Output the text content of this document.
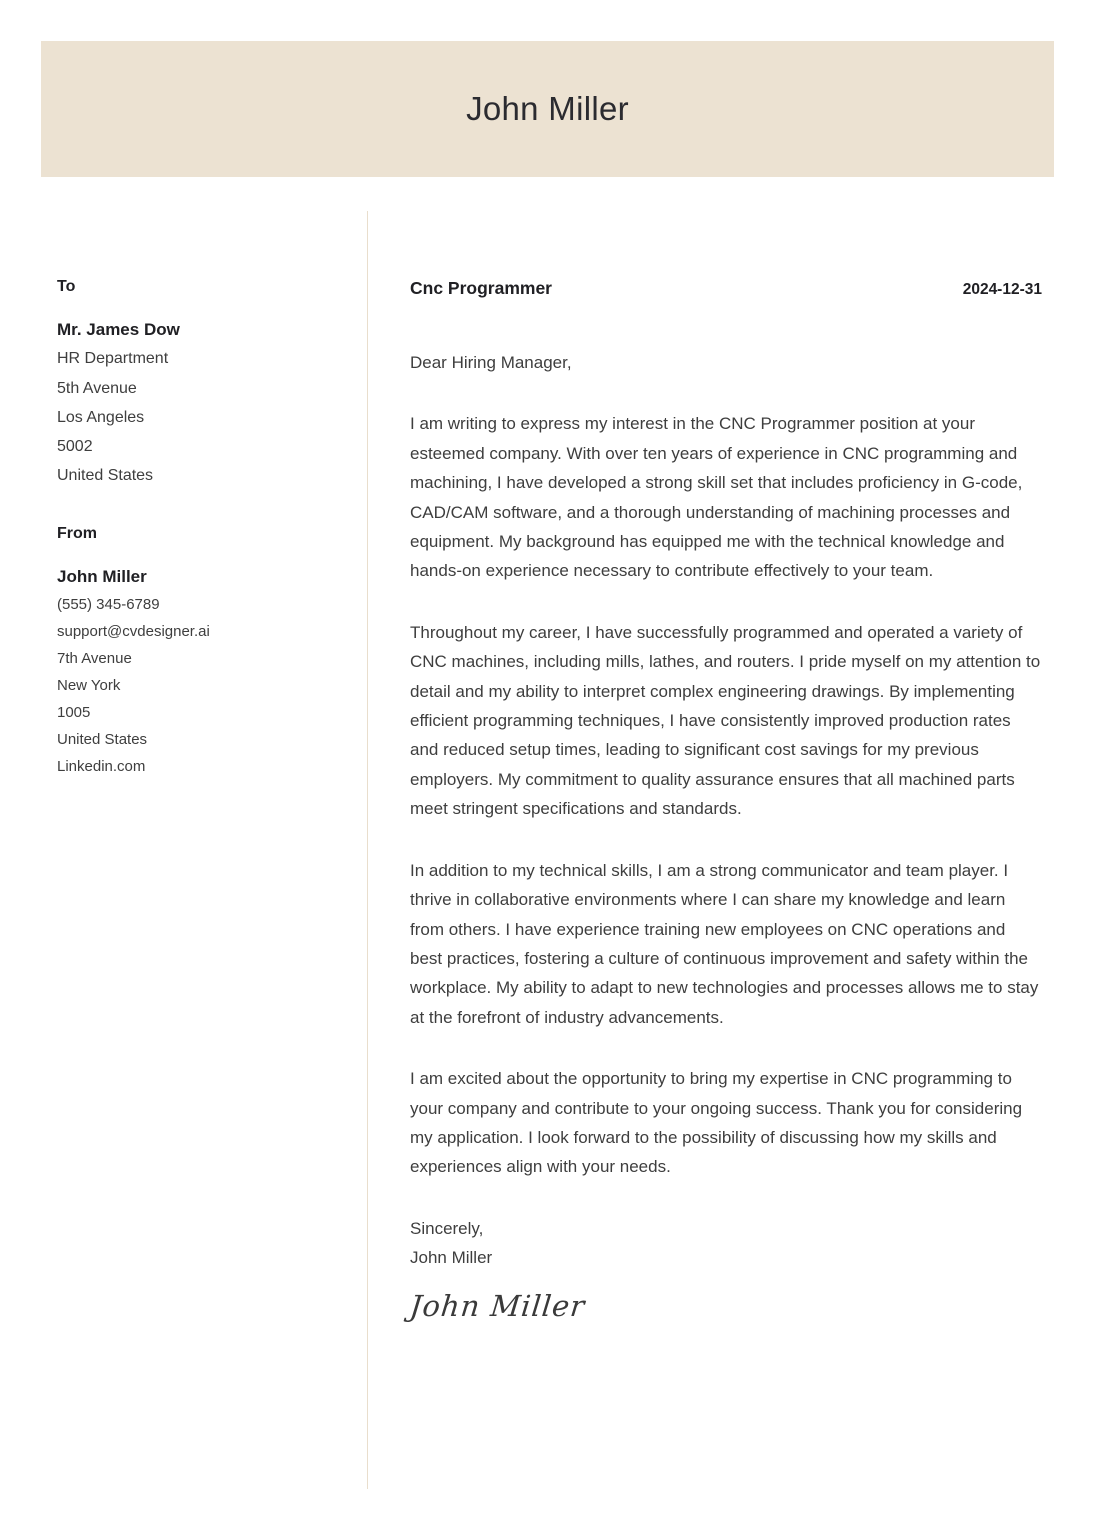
John Miller
To
Mr. James Dow
HR Department
5th Avenue
Los Angeles
5002
United States
From
John Miller
(555) 345-6789
support@cvdesigner.ai
7th Avenue
New York
1005
United States
Linkedin.com
Cnc Programmer	2024-12-31
Dear Hiring Manager,
I am writing to express my interest in the CNC Programmer position at your esteemed company. With over ten years of experience in CNC programming and machining, I have developed a strong skill set that includes proficiency in G-code, CAD/CAM software, and a thorough understanding of machining processes and equipment. My background has equipped me with the technical knowledge and hands-on experience necessary to contribute effectively to your team.
Throughout my career, I have successfully programmed and operated a variety of CNC machines, including mills, lathes, and routers. I pride myself on my attention to detail and my ability to interpret complex engineering drawings. By implementing efficient programming techniques, I have consistently improved production rates and reduced setup times, leading to significant cost savings for my previous employers. My commitment to quality assurance ensures that all machined parts meet stringent specifications and standards.
In addition to my technical skills, I am a strong communicator and team player. I thrive in collaborative environments where I can share my knowledge and learn from others. I have experience training new employees on CNC operations and best practices, fostering a culture of continuous improvement and safety within the workplace. My ability to adapt to new technologies and processes allows me to stay at the forefront of industry advancements.
I am excited about the opportunity to bring my expertise in CNC programming to your company and contribute to your ongoing success. Thank you for considering my application. I look forward to the possibility of discussing how my skills and experiences align with your needs.
Sincerely,
John Miller
John Miller
